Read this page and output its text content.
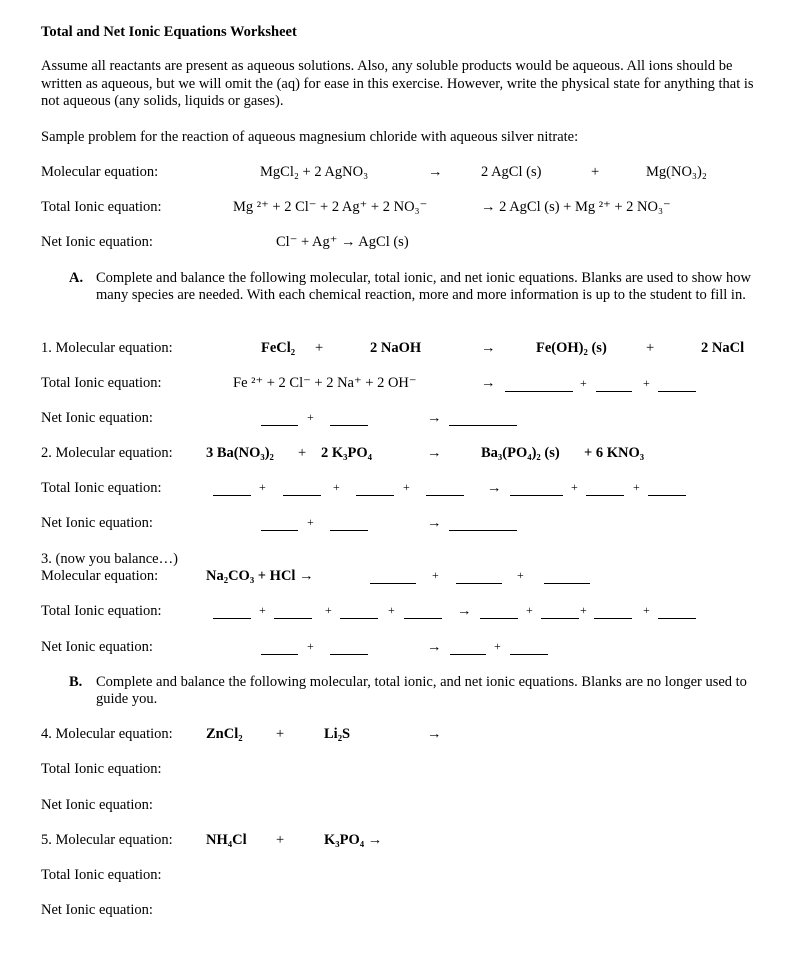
Total and Net Ionic Equations Worksheet
Assume all reactants are present as aqueous solutions. Also, any soluble products would be aqueous. All ions should be written as aqueous, but we will omit the (aq) for ease in this exercise. However, write the physical state for anything that is not aqueous (any solids, liquids or gases).
Sample problem for the reaction of aqueous magnesium chloride with aqueous silver nitrate:
Molecular equation:	MgCl₂ + 2 AgNO₃	→	2 AgCl (s)	+	Mg(NO₃)₂
Total Ionic equation:	Mg ²⁺ + 2 Cl⁻ + 2 Ag⁺ + 2 NO₃⁻	→ 2 AgCl (s) + Mg ²⁺ + 2 NO₃⁻
Net Ionic equation:	Cl⁻ + Ag⁺ → AgCl (s)
A. Complete and balance the following molecular, total ionic, and net ionic equations. Blanks are used to show how many species are needed. With each chemical reaction, more and more information is up to the student to fill in.
1. Molecular equation:	FeCl₂ +	2 NaOH	→	Fe(OH)₂ (s)	+	2 NaCl
Total Ionic equation:	Fe ²⁺ + 2 Cl⁻ + 2 Na⁺ + 2 OH⁻	→	+	+
Net Ionic equation:	+	→
2. Molecular equation: 3 Ba(NO₃)₂ + 2 K₃PO₄	→	Ba₃(PO₄)₂ (s) + 6 KNO₃
Total Ionic equation:	+	+	+	→	+	+
Net Ionic equation:	+	→
3. (now you balance…)
Molecular equation:	Na₂CO₃ + HCl →	+	+
Total Ionic equation:	+	+	+	→	+	+	+
Net Ionic equation:	+	→	+
B. Complete and balance the following molecular, total ionic, and net ionic equations. Blanks are no longer used to guide you.
4. Molecular equation: ZnCl₂ +	Li₂S	→
Total Ionic equation:
Net Ionic equation:
5. Molecular equation: NH₄Cl +	K₃PO₄ →
Total Ionic equation:
Net Ionic equation:
